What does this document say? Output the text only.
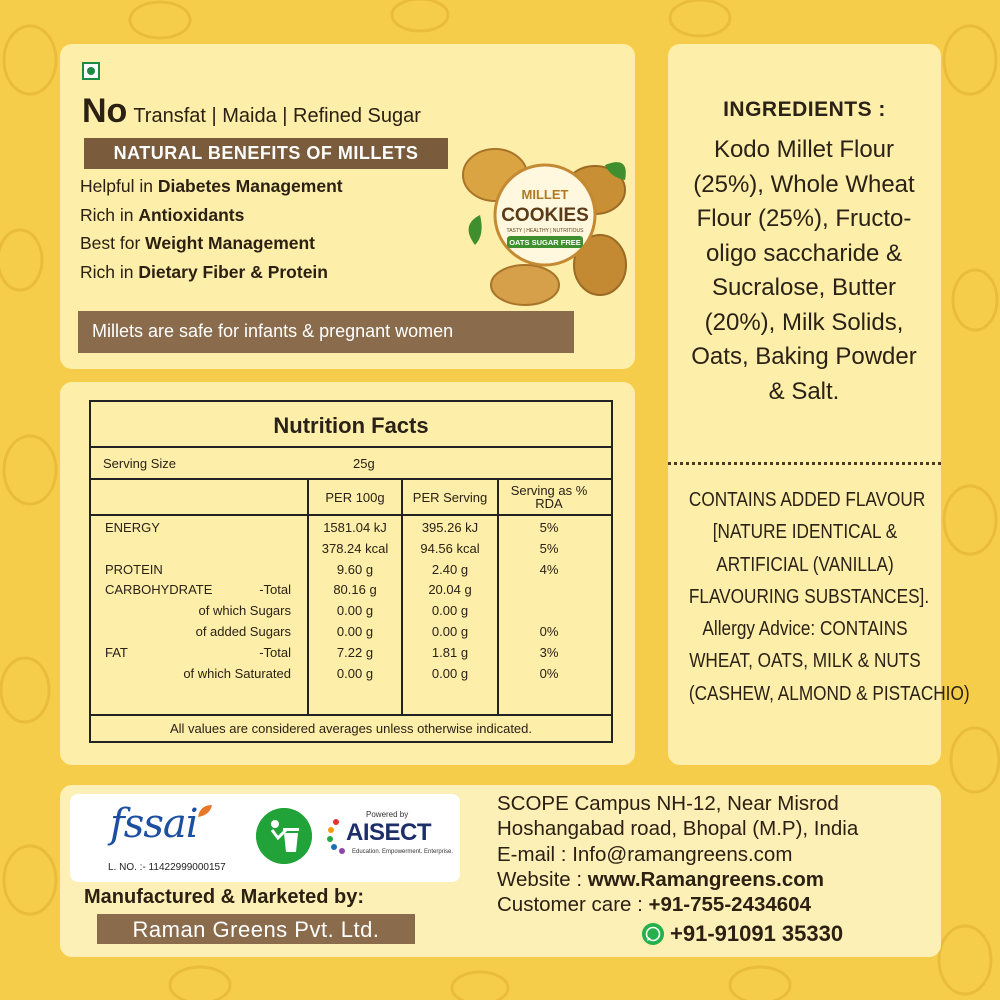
No Transfat | Maida | Refined Sugar
NATURAL BENEFITS OF MILLETS
Helpful in Diabetes Management
Rich in Antioxidants
Best for Weight Management
Rich in Dietary Fiber & Protein
Millets are safe for infants & pregnant women
MILLET
COOKIES
TASTY | HEALTHY | NUTRITIOUS
OATS SUGAR FREE
Nutrition Facts
Serving Size	25g
PER 100g	PER Serving	Serving as %
RDA
ENERGY	1581.04 kJ	395.26 kJ	5%
378.24 kcal	94.56 kcal	5%
PROTEIN	9.60 g	2.40 g	4%
CARBOHYDRATE	-Total	80.16 g	20.04 g
of which Sugars	0.00 g	0.00 g
of added Sugars	0.00 g	0.00 g	0%
FAT	-Total	7.22 g	1.81 g	3%
of which Saturated	0.00 g	0.00 g	0%
All values are considered averages unless otherwise indicated.
INGREDIENTS :
Kodo Millet Flour (25%), Whole Wheat Flour (25%), Fructo-oligo saccharide & Sucralose, Butter (20%), Milk Solids, Oats, Baking Powder & Salt.
CONTAINS ADDED FLAVOUR
[NATURE IDENTICAL &
ARTIFICIAL (VANILLA)
FLAVOURING SUBSTANCES].
Allergy Advice: CONTAINS
WHEAT, OATS, MILK & NUTS
(CASHEW, ALMOND & PISTACHIO)
fssai
L. NO. :- 11422999000157
Powered by
AISECT
Education. Empowerment. Enterprise.
Manufactured & Marketed by:
Raman Greens Pvt. Ltd.
SCOPE Campus NH-12, Near Misrod
Hoshangabad road, Bhopal (M.P), India
E-mail : Info@ramangreens.com
Website : www.Ramangreens.com
Customer care : +91-755-2434604
+91-91091 35330
